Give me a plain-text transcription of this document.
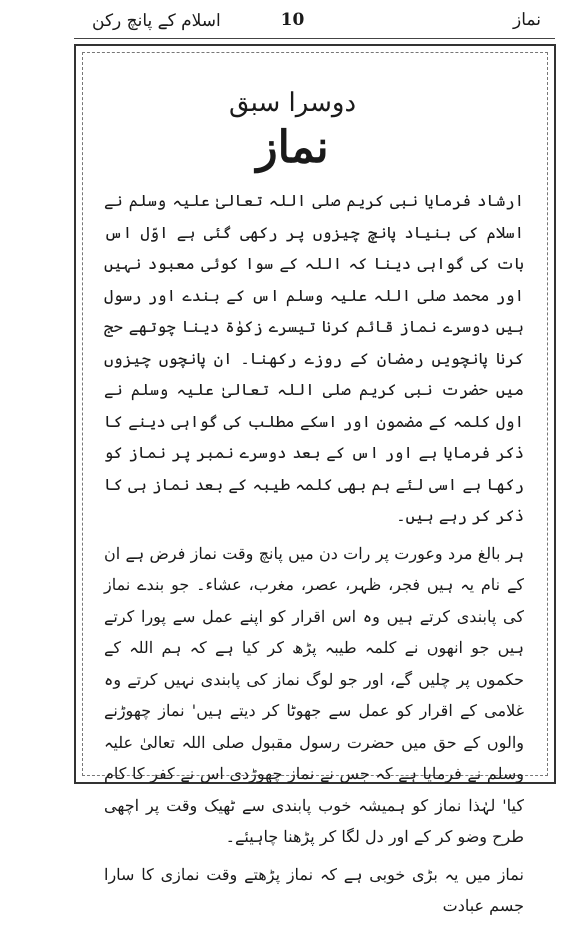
نماز
10
اسلام کے پانچ رکن
دوسرا سبق
نماز

ارشاد فرمایا نبی کریم صلی اللہ تعالیٰ علیہ وسلم نے اسلام کی بنیاد پانچ چیزوں پر رکھی گئی ہے اوّل اس بات کی گواہی دینا کہ اللہ کے سوا کوئی معبود نہیں اور محمد صلی اللہ علیہ وسلم اس کے بندے اور رسول ہیں دوسرے نماز قائم کرنا تیسرے زکوٰۃ دینا چوتھے حج کرنا پانچویں رمضان کے روزے رکھنا۔ ان پانچوں چیزوں میں حضرت نبی کریم صلی اللہ تعالیٰ علیہ وسلم نے اول کلمہ کے مضمون اور اسکے مطلب کی گواہی دینے کا ذکر فرمایا ہے اور اس کے بعد دوسرے نمبر پر نماز کو رکھا ہے اسی لئے ہم بھی کلمہ طیبہ کے بعد نماز ہی کا ذکر کر رہے ہیں۔

ہر بالغ مرد وعورت پر رات دن میں پانچ وقت نماز فرض ہے ان کے نام یہ ہیں فجر، ظہر، عصر، مغرب، عشاء۔ جو بندے نماز کی پابندی کرتے ہیں وہ اس اقرار کو اپنے عمل سے پورا کرتے ہیں جو انھوں نے کلمہ طیبہ پڑھ کر کیا ہے کہ ہم اللہ کے حکموں پر چلیں گے، اور جو لوگ نماز کی پابندی نہیں کرتے وہ غلامی کے اقرار کو عمل سے جھوٹا کر دیتے ہیں' نماز چھوڑنے والوں کے حق میں حضرت رسول مقبول صلی اللہ تعالیٰ علیہ وسلم نے فرمایا ہے کہ جس نے نماز چھوڑدی اس نے کفر کا کام کیا' لہٰذا نماز کو ہمیشہ خوب پابندی سے ٹھیک وقت پر اچھی طرح وضو کر کے اور دل لگا کر پڑھنا چاہیئے۔

نماز میں یہ بڑی خوبی ہے کہ نماز پڑھتے وقت نمازی کا سارا جسم عبادت
